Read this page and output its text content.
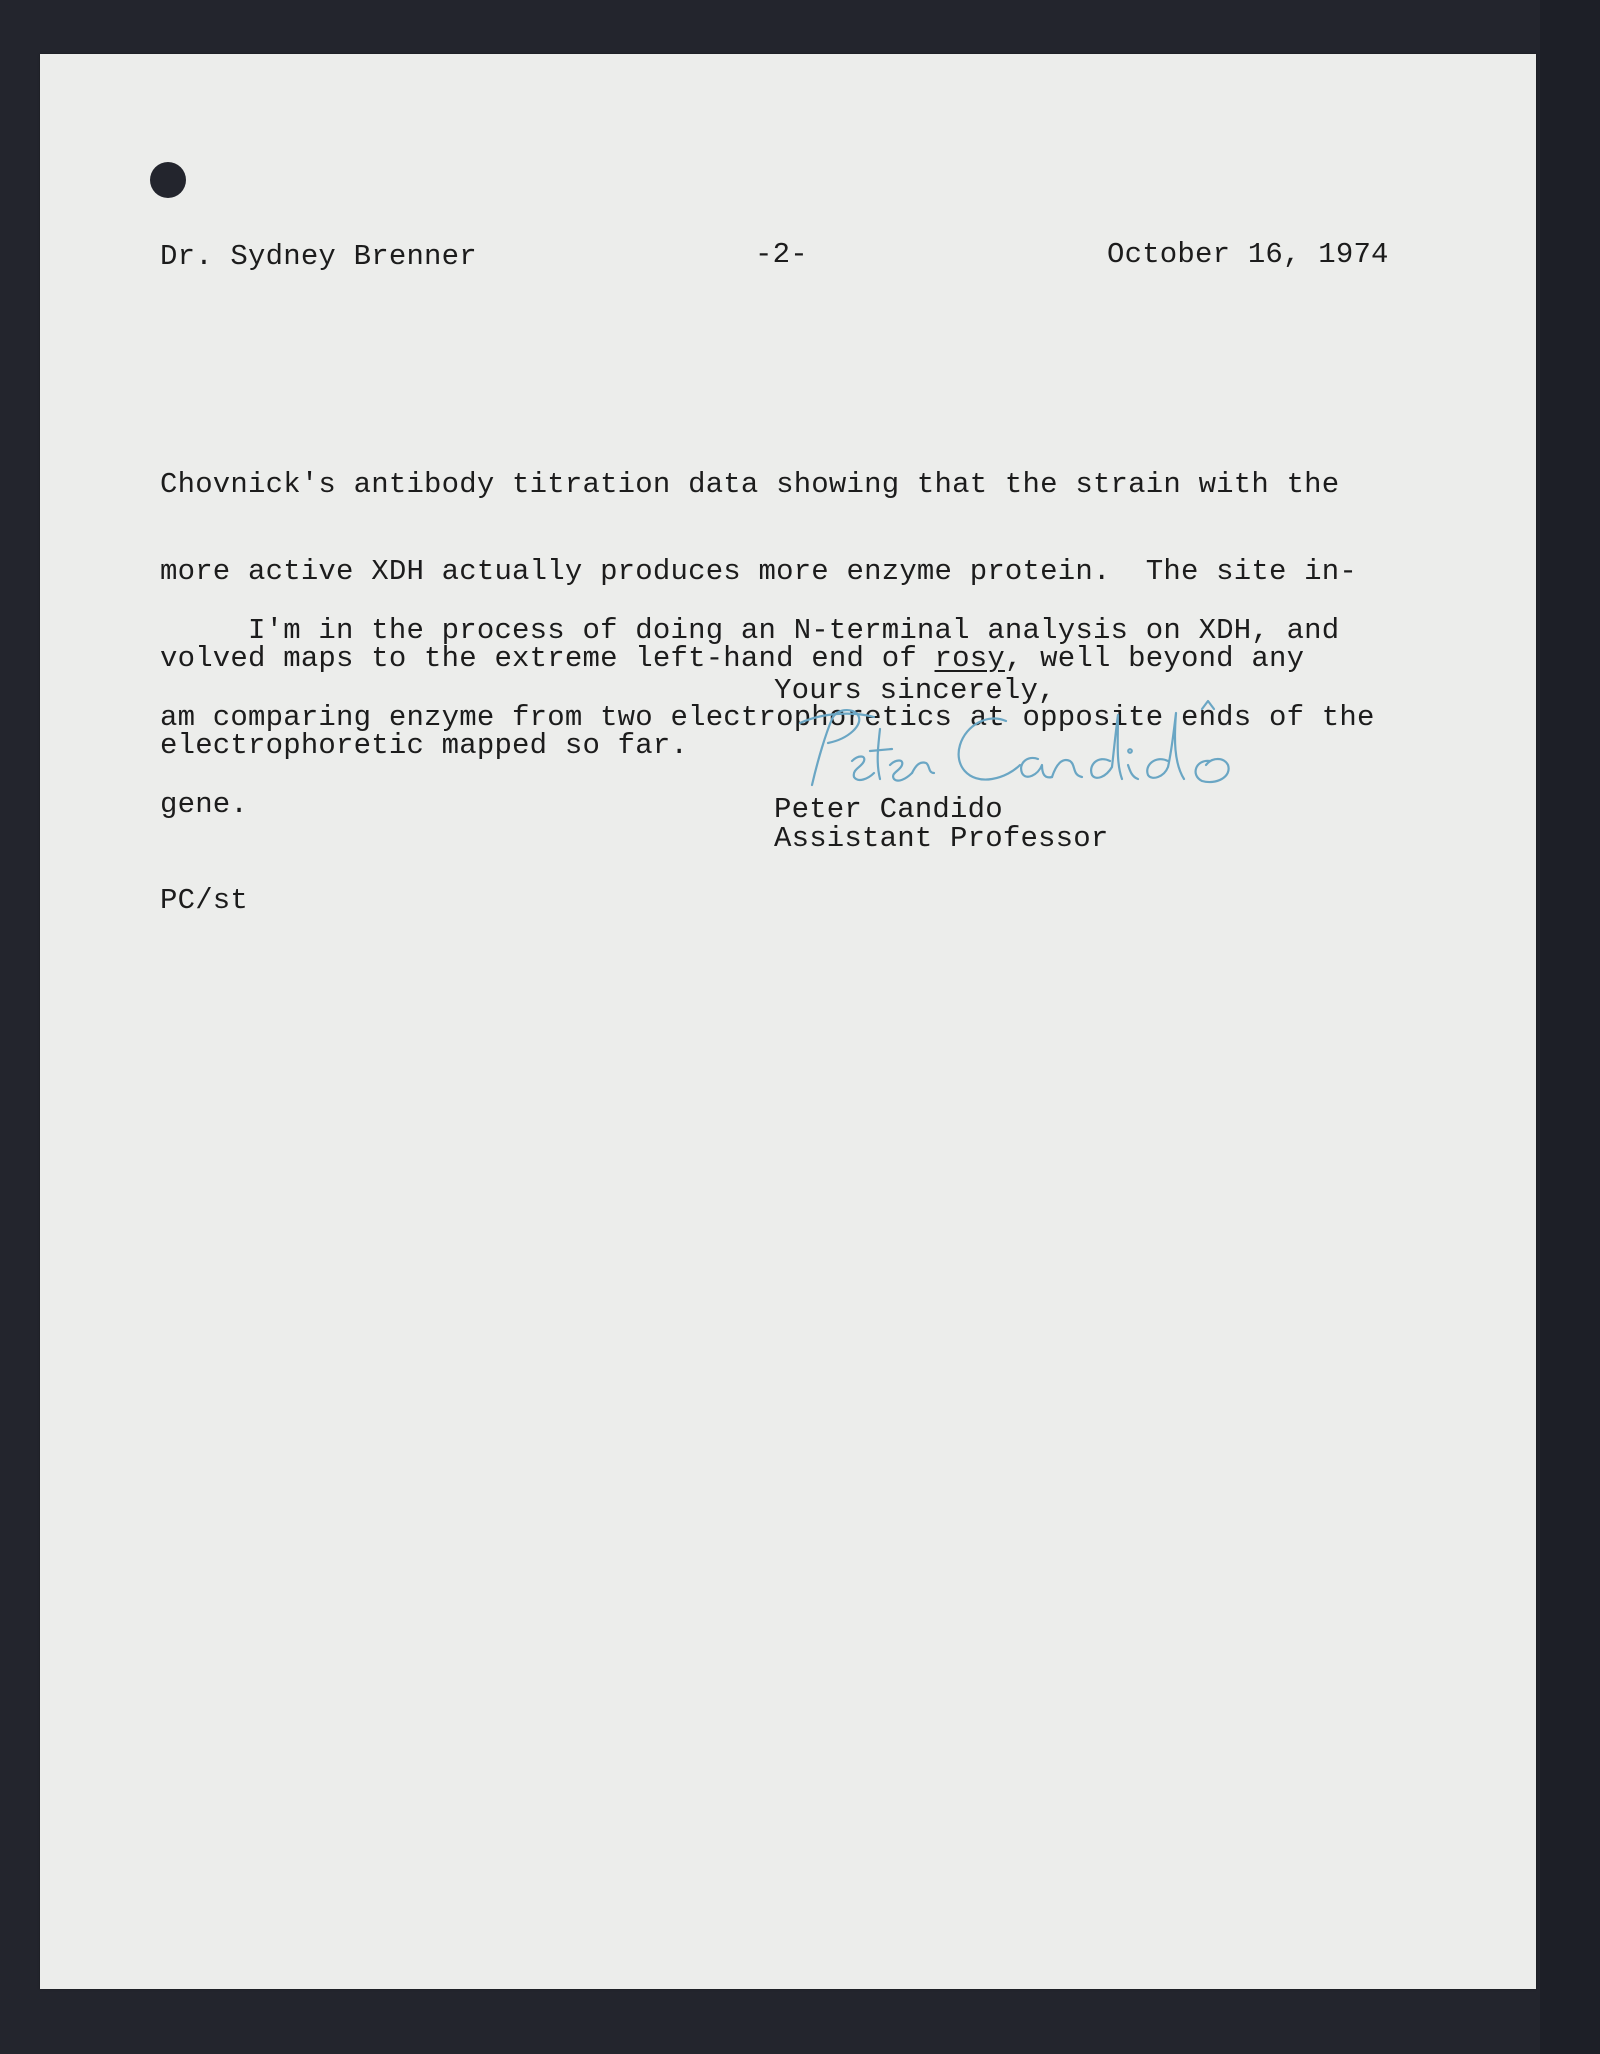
Dr. Sydney Brenner	-2-	October 16, 1974

Chovnick's antibody titration data showing that the strain with the

more active XDH actually produces more enzyme protein.  The site in-

volved maps to the extreme left-hand end of rosy, well beyond any

electrophoretic mapped so far.

I'm in the process of doing an N-terminal analysis on XDH, and

am comparing enzyme from two electrophoretics at opposite ends of the

gene.

Yours sincerely,
Peter Candido
Assistant Professor
PC/st
